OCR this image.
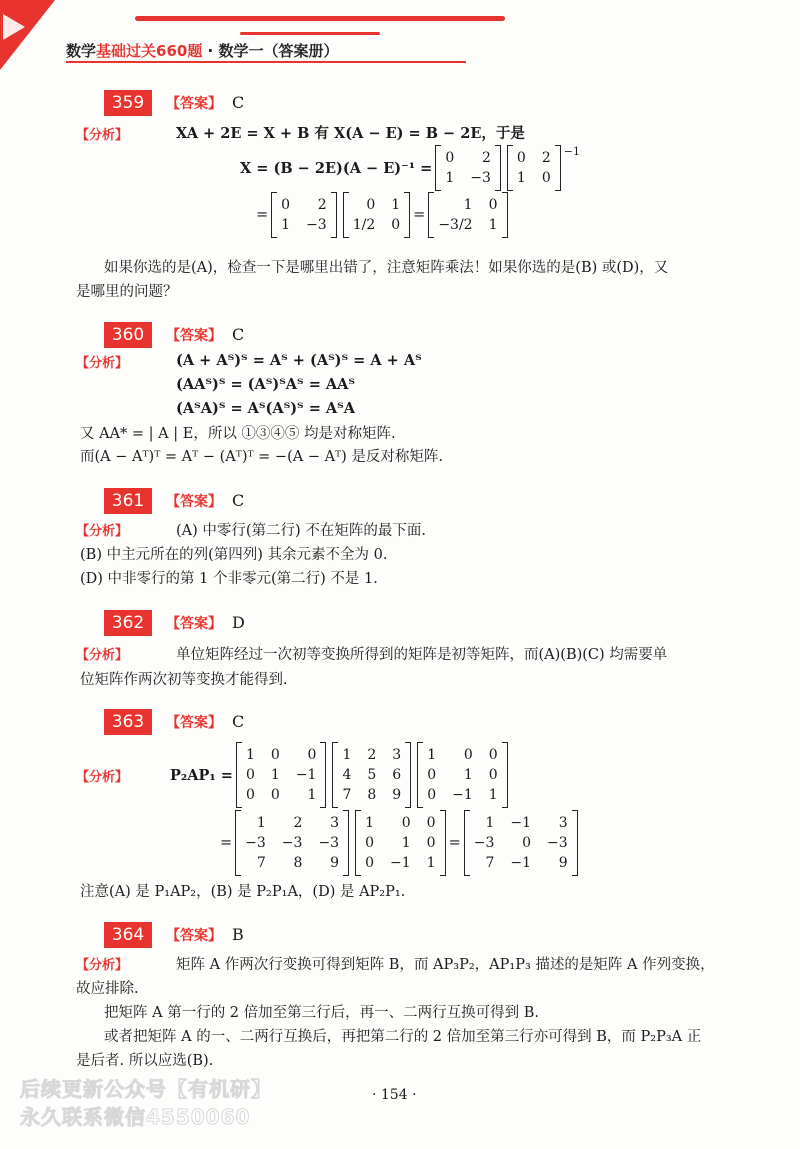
数学基础过关660题 · 数学一（答案册）
359 【答案】 C
【分析】	XA + 2E = X + B 有 X(A − E) = B − 2E，于是
X = (B − 2E)(A − E)⁻¹ =
0	2
1	−3

0	2
1	0

$^{-1}$
=
0	2
1	−3

0	1
1/2	0

=
1	0
−3/2	1

如果你选的是(A)，检查一下是哪里出错了，注意矩阵乘法！如果你选的是(B) 或(D)，又
是哪里的问题？
360 【答案】 C
【分析】	(A + Aᵀ)ᵀ = Aᵀ + (Aᵀ)ᵀ = A + Aᵀ
(AAᵀ)ᵀ = (Aᵀ)ᵀAᵀ = AAᵀ
(AᵀA)ᵀ = Aᵀ(Aᵀ)ᵀ = AᵀA
又 AA* = | A | E，所以 ①③④⑤ 均是对称矩阵.
而(A − Aᵀ)ᵀ = Aᵀ − (Aᵀ)ᵀ = −(A − Aᵀ) 是反对称矩阵.
361 【答案】 C
【分析】	(A) 中零行(第二行) 不在矩阵的最下面.
(B) 中主元所在的列(第四列) 其余元素不全为 0.
(D) 中非零行的第 1 个非零元(第二行) 不是 1.
362 【答案】 D
【分析】	单位矩阵经过一次初等变换所得到的矩阵是初等矩阵，而(A)(B)(C) 均需要单
位矩阵作两次初等变换才能得到.
363 【答案】 C
【分析】	P₂AP₁ =
1	0	0
0	1	−1
0	0	1

1	2	3
4	5	6
7	8	9

1	0	0
0	1	0
0	−1	1

=
1	2	3
−3	−3	−3
7	8	9

1	0	0
0	1	0
0	−1	1

=
1	−1	3
−3	0	−3
7	−1	9

注意(A) 是 P₁AP₂，(B) 是 P₂P₁A，(D) 是 AP₂P₁.
364 【答案】 B
【分析】	矩阵 A 作两次行变换可得到矩阵 B，而 AP₃P₂，AP₁P₃ 描述的是矩阵 A 作列变换，
故应排除.
把矩阵 A 第一行的 2 倍加至第三行后，再一、二两行互换可得到 B.
或者把矩阵 A 的一、二两行互换后，再把第二行的 2 倍加至第三行亦可得到 B，而 P₂P₃A 正
是后者. 所以应选(B).
· 154 ·
后续更新公众号【有机研】
永久联系微信4550060
